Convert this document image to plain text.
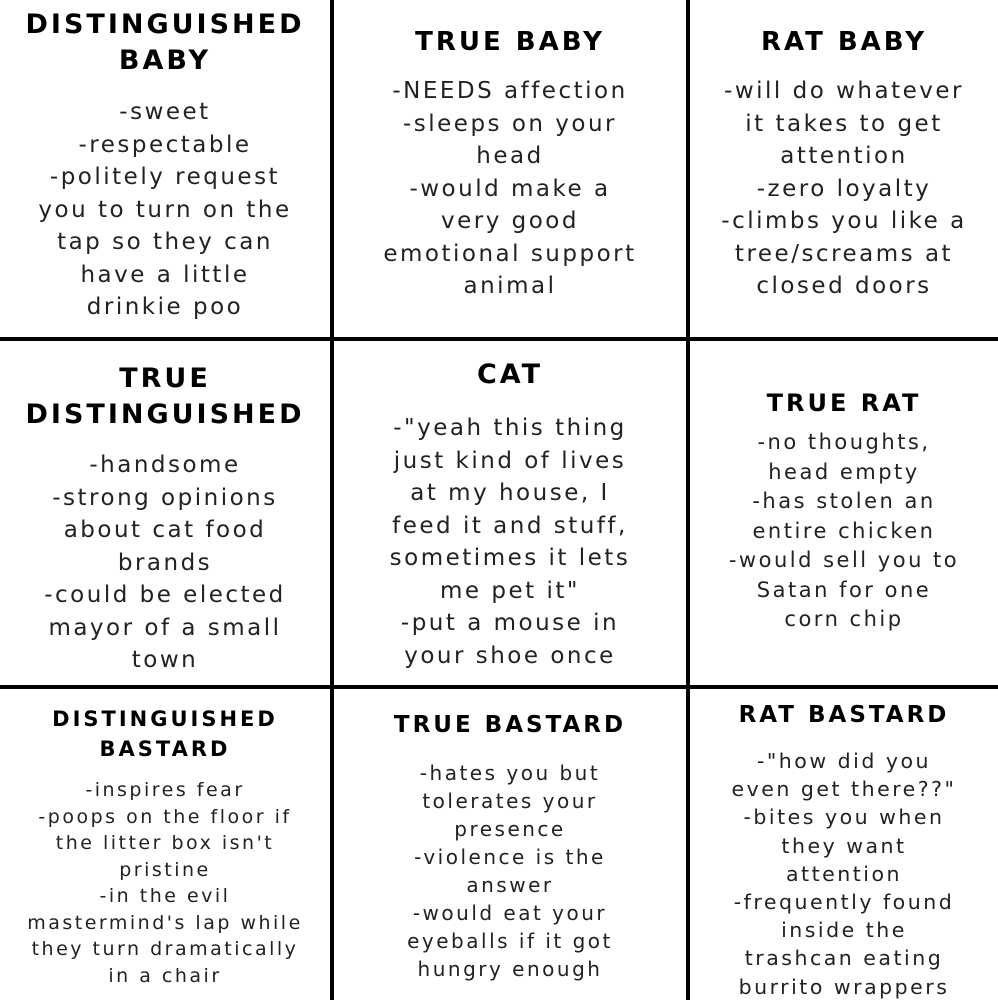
DISTINGUISHED
BABY

-sweet
-respectable
-politely request
you to turn on the
tap so they can
have a little
drinkie poo

TRUE BABY

-NEEDS affection
-sleeps on your
head
-would make a
very good
emotional support
animal

RAT BABY

-will do whatever
it takes to get
attention
-zero loyalty
-climbs you like a
tree/screams at
closed doors

TRUE
DISTINGUISHED

-handsome
-strong opinions
about cat food
brands
-could be elected
mayor of a small
town

CAT

-"yeah this thing
just kind of lives
at my house, I
feed it and stuff,
sometimes it lets
me pet it"
-put a mouse in
your shoe once

TRUE RAT

-no thoughts,
head empty
-has stolen an
entire chicken
-would sell you to
Satan for one
corn chip

DISTINGUISHED
BASTARD

-inspires fear
-poops on the floor if
the litter box isn't
pristine
-in the evil
mastermind's lap while
they turn dramatically
in a chair

TRUE BASTARD

-hates you but
tolerates your
presence
-violence is the
answer
-would eat your
eyeballs if it got
hungry enough

RAT BASTARD

-"how did you
even get there??"
-bites you when
they want
attention
-frequently found
inside the
trashcan eating
burrito wrappers
